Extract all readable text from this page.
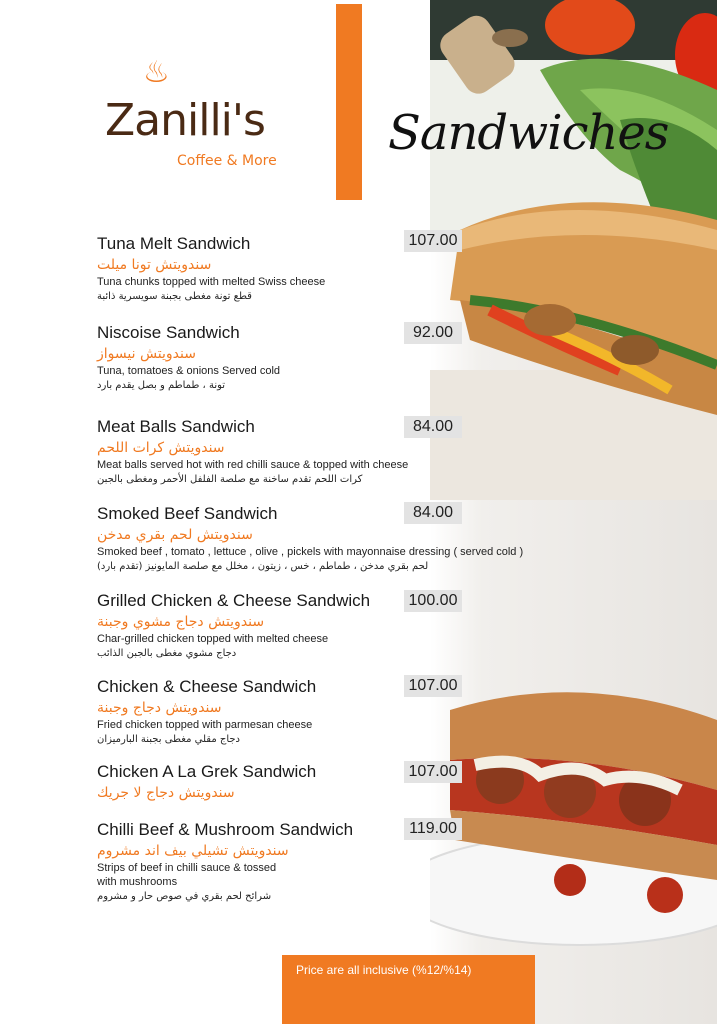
♨
Zanilli's
Coffee & More Sandwiches
Tuna Melt Sandwich
سندويتش تونا ميلت
Tuna chunks topped with melted Swiss cheese
قطع تونة مغطى بجبنة سويسرية ذائبة
107.00
Niscoise Sandwich
سندويتش نيسواز
Tuna, tomatoes & onions Served cold
تونة ، طماطم و بصل يقدم بارد
92.00
Meat Balls Sandwich
سندويتش كرات اللحم
Meat balls served hot with red chilli sauce & topped with cheese
كرات اللحم تقدم ساخنة مع صلصة الفلفل الأحمر ومغطى بالجبن
84.00
Smoked Beef Sandwich
سندويتش لحم بقري مدخن
Smoked beef , tomato , lettuce , olive , pickels with mayonnaise dressing ( served cold )
لحم بقري مدخن ، طماطم ، خس ، زيتون ، مخلل مع صلصة المايونيز (تقدم بارد)
84.00
Grilled Chicken & Cheese Sandwich
سندويتش دجاج مشوي وجبنة
Char-grilled chicken topped with melted cheese
دجاج مشوي مغطى بالجبن الذائب
100.00
Chicken & Cheese Sandwich
سندويتش دجاج وجبنة
Fried chicken topped with parmesan cheese
دجاج مقلي مغطى بجبنة البارميزان
107.00
Chicken A La Grek Sandwich
سندويتش دجاج لا جريك
107.00
Chilli Beef & Mushroom Sandwich
سندويتش تشيلي بيف اند مشروم
Strips of beef in chilli sauce & tossed
with mushrooms
شرائح لحم بقري في صوص حار و مشروم
119.00
Price are all inclusive (%12/%14)
